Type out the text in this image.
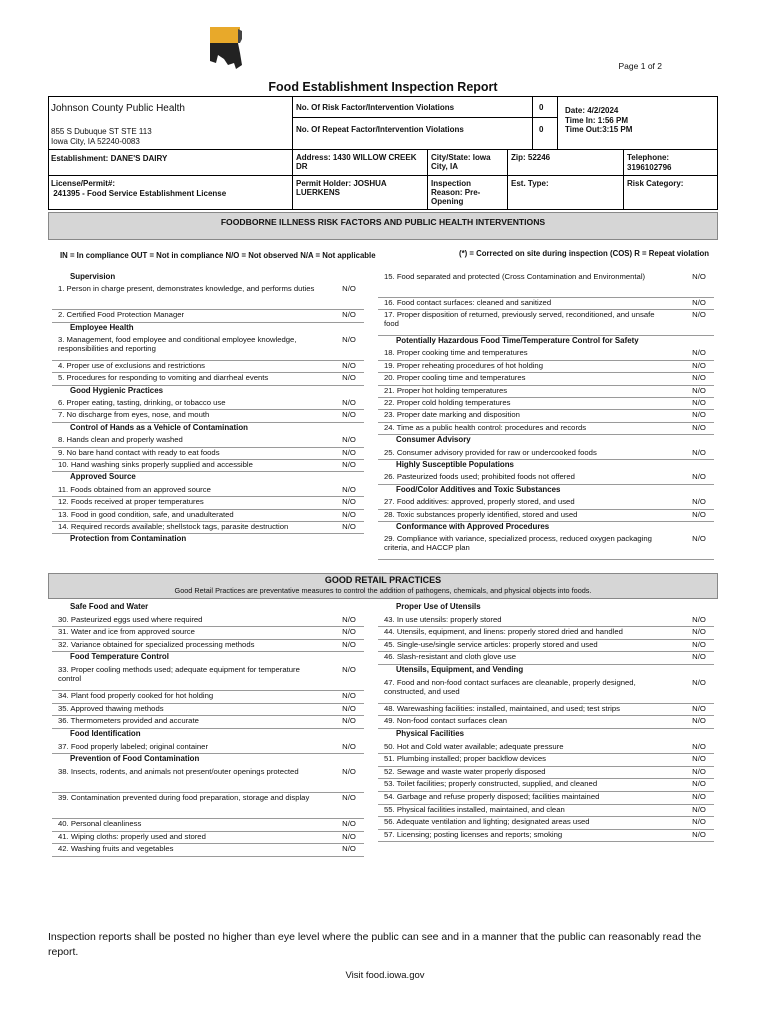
Page 1 of 2
Food Establishment Inspection Report
Johnson County Public Health
855 S Dubuque ST STE 113
Iowa City, IA 52240-0083
No. Of Risk Factor/Intervention Violations	0
No. Of Repeat Factor/Intervention Violations	0
Date: 4/2/2024
Time In: 1:56 PM
Time Out:3:15 PM
Establishment: DANE'S DAIRY	Address: 1430 WILLOW CREEK DR
City/State: Iowa City, IA
Zip: 52246	Telephone:
3196102796
License/Permit#:
241395 - Food Service Establishment License
Permit Holder: JOSHUA LUERKENS
Inspection Reason: Pre-Opening
Est. Type:	Risk Category:
FOODBORNE ILLNESS RISK FACTORS AND PUBLIC HEALTH INTERVENTIONS
IN = In compliance OUT = Not in compliance N/O = Not observed N/A = Not applicable	(*) = Corrected on site during inspection (COS) R = Repeat violation
Supervision
1. Person in charge present, demonstrates knowledge, and performs duties	N/O
2. Certified Food Protection Manager	N/O
Employee Health
3. Management, food employee and conditional employee knowledge, responsibilities and reporting
N/O
4. Proper use of exclusions and restrictions	N/O
5. Procedures for responding to vomiting and diarrheal events	N/O
Good Hygienic Practices
6. Proper eating, tasting, drinking, or tobacco use	N/O
7. No discharge from eyes, nose, and mouth	N/O
Control of Hands as a Vehicle of Contamination
8. Hands clean and properly washed	N/O
9. No bare hand contact with ready to eat foods	N/O
10. Hand washing sinks properly supplied and accessible	N/O
Approved Source
11. Foods obtained from an approved source	N/O
12. Foods received at proper temperatures	N/O
13. Food in good condition, safe, and unadulterated	N/O
14. Required records available; shellstock tags, parasite destruction	N/O
Protection from Contamination
15. Food separated and protected (Cross Contamination and Environmental)	N/O
16. Food contact surfaces: cleaned and sanitized	N/O
17. Proper disposition of returned, previously served, reconditioned, and unsafe food
N/O
Potentially Hazardous Food Time/Temperature Control for Safety
18. Proper cooking time and temperatures	N/O
19. Proper reheating procedures of hot holding	N/O
20. Proper cooling time and temperatures	N/O
21. Proper hot holding temperatures	N/O
22. Proper cold holding temperatures	N/O
23. Proper date marking and disposition	N/O
24. Time as a public health control: procedures and records	N/O
Consumer Advisory
25. Consumer advisory provided for raw or undercooked foods	N/O
Highly Susceptible Populations
26. Pasteurized foods used; prohibited foods not offered	N/O
Food/Color Additives and Toxic Substances
27. Food additives: approved, properly stored, and used	N/O
28. Toxic substances properly identified, stored and used	N/O
Conformance with Approved Procedures
29. Compliance with variance, specialized process, reduced oxygen packaging criteria, and HACCP plan
N/O
GOOD RETAIL PRACTICES
Good Retail Practices are preventative measures to control the addition of pathogens, chemicals, and physical objects into foods.
Safe Food and Water
30. Pasteurized eggs used where required	N/O
31. Water and ice from approved source	N/O
32. Variance obtained for specialized processing methods	N/O
Food Temperature Control
33. Proper cooling methods used; adequate equipment for temperature control
N/O
34. Plant food properly cooked for hot holding	N/O
35. Approved thawing methods	N/O
36. Thermometers provided and accurate	N/O
Food Identification
37. Food properly labeled; original container	N/O
Prevention of Food Contamination
38. Insects, rodents, and animals not present/outer openings protected	N/O
39. Contamination prevented during food preparation, storage and display	N/O
40. Personal cleanliness	N/O
41. Wiping cloths: properly used and stored	N/O
42. Washing fruits and vegetables	N/O
Proper Use of Utensils
43. In use utensils: properly stored	N/O
44. Utensils, equipment, and linens: properly stored dried and handled	N/O
45. Single-use/single service articles: properly stored and used	N/O
46. Slash-resistant and cloth glove use	N/O
Utensils, Equipment, and Vending
47. Food and non-food contact surfaces are cleanable, properly designed, constructed, and used
N/O
48. Warewashing facilities: installed, maintained, and used; test strips	N/O
49. Non-food contact surfaces clean	N/O
Physical Facilities
50. Hot and Cold water available; adequate pressure	N/O
51. Plumbing installed; proper backflow devices	N/O
52. Sewage and waste water properly disposed	N/O
53. Toilet facilities; properly constructed, supplied, and cleaned	N/O
54. Garbage and refuse properly disposed; facilities maintained	N/O
55. Physical facilities installed, maintained, and clean	N/O
56. Adequate ventilation and lighting; designated areas used	N/O
57. Licensing; posting licenses and reports; smoking	N/O
Inspection reports shall be posted no higher than eye level where the public can see and in a manner that the public can reasonably read the report.
Visit food.iowa.gov
